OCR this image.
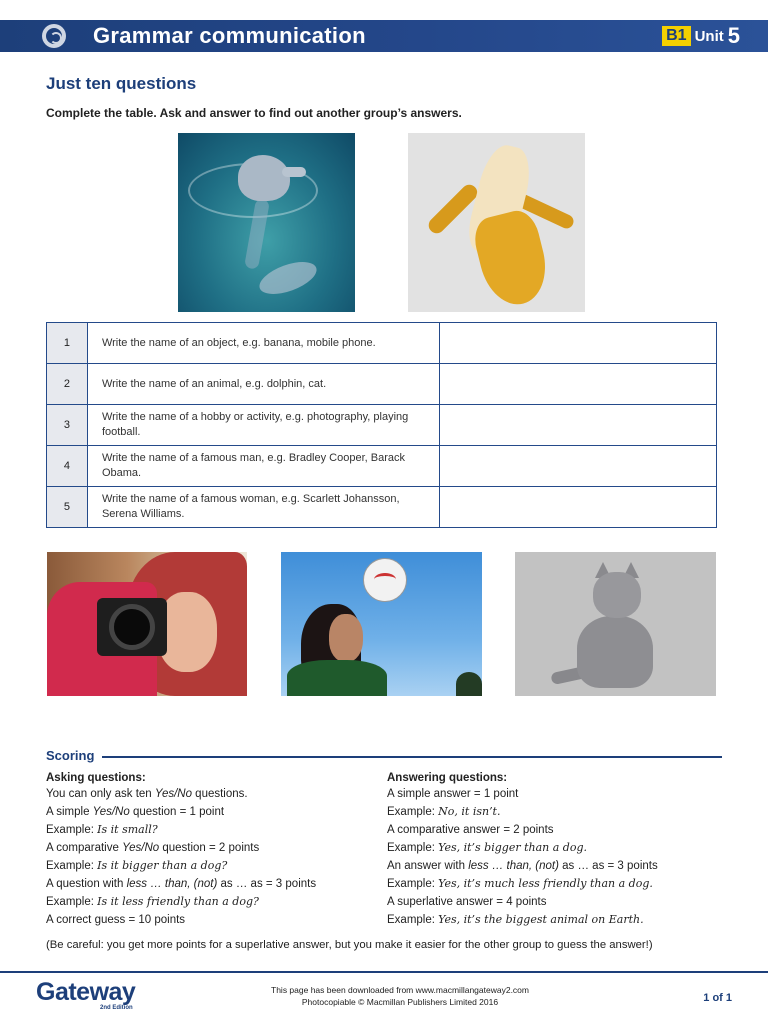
Grammar communication	B1 Unit 5
Just ten questions
Complete the table. Ask and answer to find out another group’s answers.
1	Write the name of an object, e.g. banana, mobile phone.	
2	Write the name of an animal, e.g. dolphin, cat.	
3	Write the name of a hobby or activity, e.g. photography, playing football.	
4	Write the name of a famous man, e.g. Bradley Cooper, Barack Obama.	
5	Write the name of a famous woman, e.g. Scarlett Johansson, Serena Williams.	
Scoring
Asking questions:
You can only ask ten Yes/No questions.
A simple Yes/No question = 1 point
Example: Is it small?
A comparative Yes/No question = 2 points
Example: Is it bigger than a dog?
A question with less … than, (not) as … as = 3 points
Example: Is it less friendly than a dog?
A correct guess = 10 points
Answering questions:
A simple answer = 1 point
Example: No, it isn’t.
A comparative answer = 2 points
Example: Yes, it’s bigger than a dog.
An answer with less … than, (not) as … as = 3 points
Example: Yes, it’s much less friendly than a dog.
A superlative answer = 4 points
Example: Yes, it’s the biggest animal on Earth.
(Be careful: you get more points for a superlative answer, but you make it easier for the other group to guess the answer!)
Gateway
2nd Edition
This page has been downloaded from www.macmillangateway2.com
Photocopiable © Macmillan Publishers Limited 2016	1 of 1
